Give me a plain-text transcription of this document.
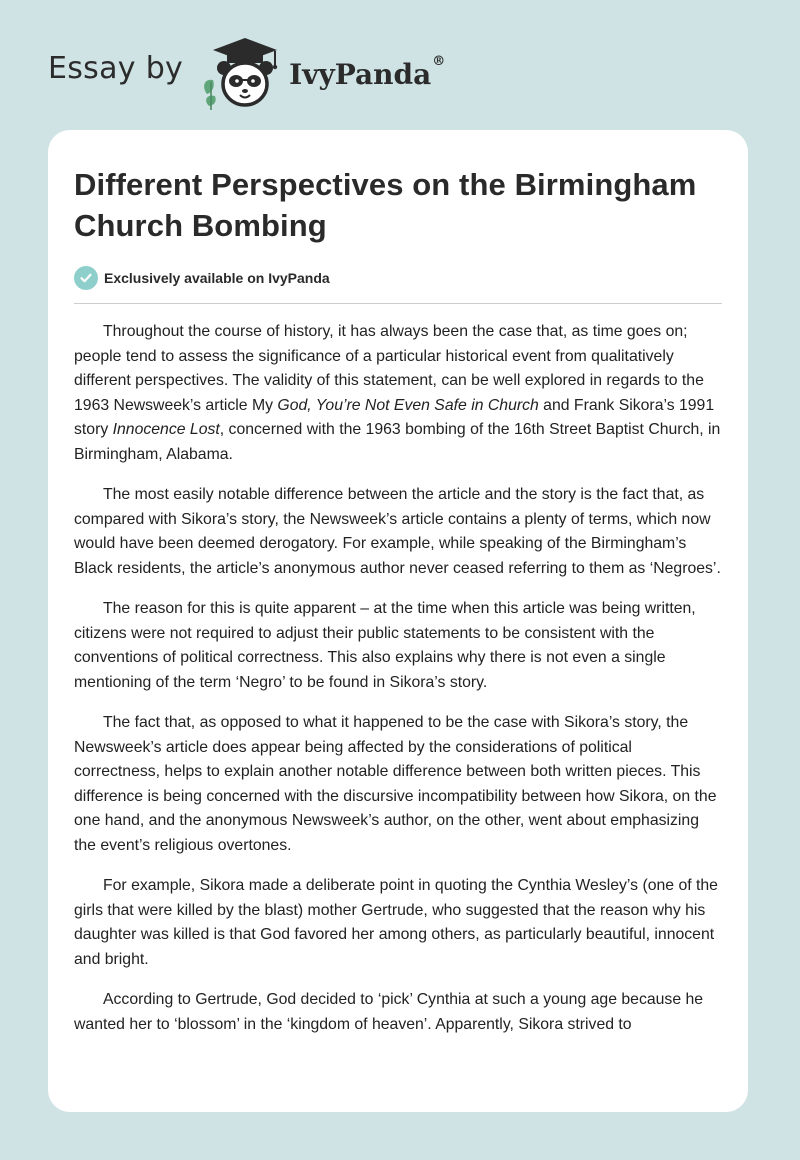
Essay by	IvyPanda®
Different Perspectives on the Birmingham Church Bombing
Exclusively available on IvyPanda

Throughout the course of history, it has always been the case that, as time goes on; people tend to assess the significance of a particular historical event from qualitatively different perspectives. The validity of this statement, can be well explored in regards to the 1963 Newsweek’s article My God, You’re Not Even Safe in Church and Frank Sikora’s 1991 story Innocence Lost, concerned with the 1963 bombing of the 16th Street Baptist Church, in Birmingham, Alabama.

The most easily notable difference between the article and the story is the fact that, as compared with Sikora’s story, the Newsweek’s article contains a plenty of terms, which now would have been deemed derogatory. For example, while speaking of the Birmingham’s Black residents, the article’s anonymous author never ceased referring to them as ‘Negroes’.

The reason for this is quite apparent – at the time when this article was being written, citizens were not required to adjust their public statements to be consistent with the conventions of political correctness. This also explains why there is not even a single mentioning of the term ‘Negro’ to be found in Sikora’s story.

The fact that, as opposed to what it happened to be the case with Sikora’s story, the Newsweek’s article does appear being affected by the considerations of political correctness, helps to explain another notable difference between both written pieces. This difference is being concerned with the discursive incompatibility between how Sikora, on the one hand, and the anonymous Newsweek’s author, on the other, went about emphasizing the event’s religious overtones.

For example, Sikora made a deliberate point in quoting the Cynthia Wesley’s (one of the girls that were killed by the blast) mother Gertrude, who suggested that the reason why his daughter was killed is that God favored her among others, as particularly beautiful, innocent and bright.

According to Gertrude, God decided to ‘pick’ Cynthia at such a young age because he wanted her to ‘blossom’ in the ‘kingdom of heaven’. Apparently, Sikora strived to
